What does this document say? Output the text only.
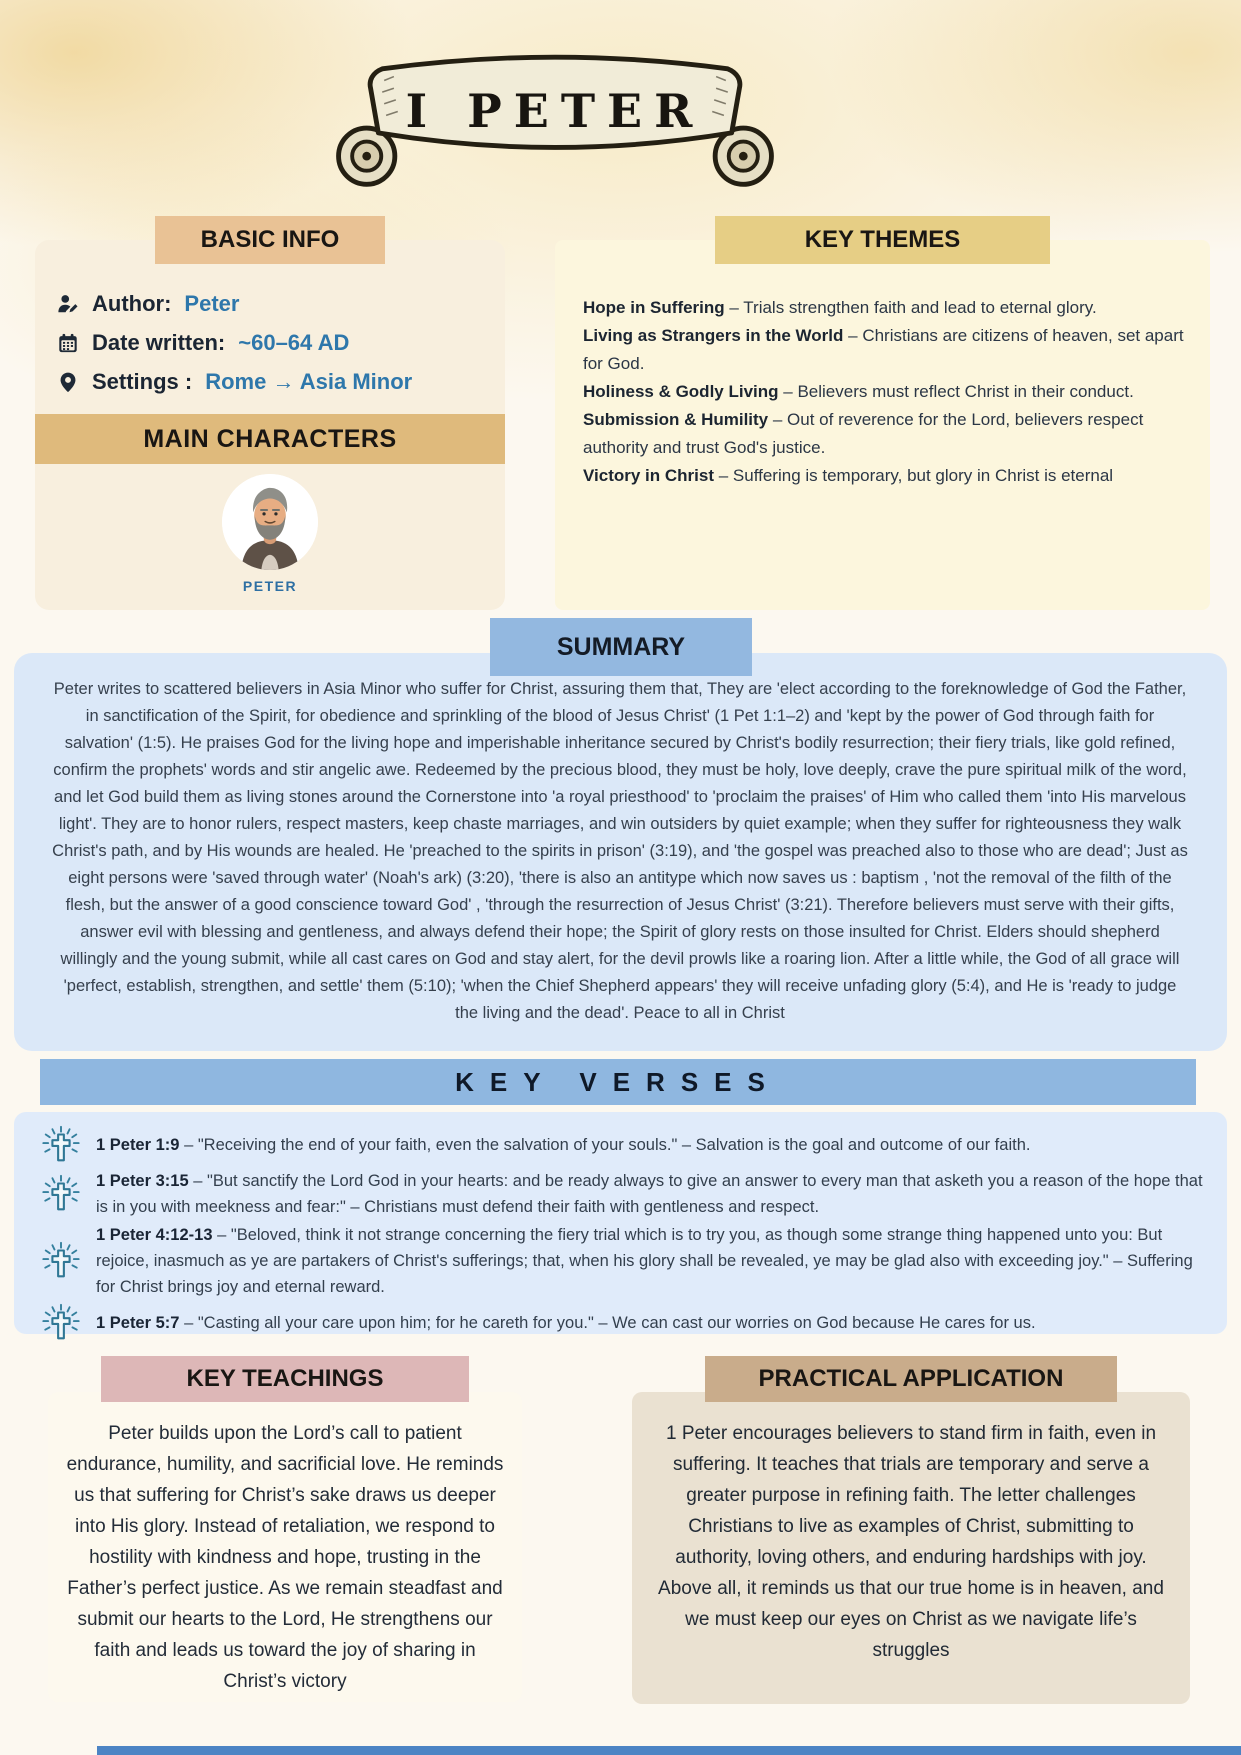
I PETER
BASIC INFO
Author: Peter
Date written: ~60–64 AD
Settings : Rome → Asia Minor
MAIN CHARACTERS
PETER
KEY THEMES

Hope in Suffering – Trials strengthen faith and lead to eternal glory.

Living as Strangers in the World – Christians are citizens of heaven, set apart for God.

Holiness & Godly Living – Believers must reflect Christ in their conduct.

Submission & Humility – Out of reverence for the Lord, believers respect authority and trust God's justice.

Victory in Christ – Suffering is temporary, but glory in Christ is eternal

SUMMARY

Peter writes to scattered believers in Asia Minor who suffer for Christ, assuring them that, They are 'elect according to the foreknowledge of God the Father, in sanctification of the Spirit, for obedience and sprinkling of the blood of Jesus Christ' (1 Pet 1:1–2) and 'kept by the power of God through faith for salvation' (1:5). He praises God for the living hope and imperishable inheritance secured by Christ's bodily resurrection; their fiery trials, like gold refined, confirm the prophets' words and stir angelic awe. Redeemed by the precious blood, they must be holy, love deeply, crave the pure spiritual milk of the word, and let God build them as living stones around the Cornerstone into 'a royal priesthood' to 'proclaim the praises' of Him who called them 'into His marvelous light'. They are to honor rulers, respect masters, keep chaste marriages, and win outsiders by quiet example; when they suffer for righteousness they walk Christ's path, and by His wounds are healed. He 'preached to the spirits in prison' (3:19), and 'the gospel was preached also to those who are dead'; Just as eight persons were 'saved through water' (Noah's ark) (3:20), 'there is also an antitype which now saves us : baptism , 'not the removal of the filth of the flesh, but the answer of a good conscience toward God' , 'through the resurrection of Jesus Christ' (3:21). Therefore believers must serve with their gifts, answer evil with blessing and gentleness, and always defend their hope; the Spirit of glory rests on those insulted for Christ. Elders should shepherd willingly and the young submit, while all cast cares on God and stay alert, for the devil prowls like a roaring lion. After a little while, the God of all grace will 'perfect, establish, strengthen, and settle' them (5:10); 'when the Chief Shepherd appears' they will receive unfading glory (5:4), and He is 'ready to judge the living and the dead'. Peace to all in Christ

KEY VERSES

1 Peter 1:9 – "Receiving the end of your faith, even the salvation of your souls." – Salvation is the goal and outcome of our faith.

1 Peter 3:15 – "But sanctify the Lord God in your hearts: and be ready always to give an answer to every man that asketh you a reason of the hope that is in you with meekness and fear:" – Christians must defend their faith with gentleness and respect.

1 Peter 4:12-13 – "Beloved, think it not strange concerning the fiery trial which is to try you, as though some strange thing happened unto you: But rejoice, inasmuch as ye are partakers of Christ's sufferings; that, when his glory shall be revealed, ye may be glad also with exceeding joy." – Suffering for Christ brings joy and eternal reward.

1 Peter 5:7 – "Casting all your care upon him; for he careth for you." – We can cast our worries on God because He cares for us.

KEY TEACHINGS

Peter builds upon the Lord’s call to patient endurance, humility, and sacrificial love. He reminds us that suffering for Christ’s sake draws us deeper into His glory. Instead of retaliation, we respond to hostility with kindness and hope, trusting in the Father’s perfect justice. As we remain steadfast and submit our hearts to the Lord, He strengthens our faith and leads us toward the joy of sharing in Christ’s victory

PRACTICAL APPLICATION

1 Peter encourages believers to stand firm in faith, even in suffering. It teaches that trials are temporary and serve a greater purpose in refining faith. The letter challenges Christians to live as examples of Christ, submitting to authority, loving others, and enduring hardships with joy. Above all, it reminds us that our true home is in heaven, and we must keep our eyes on Christ as we navigate life’s struggles
